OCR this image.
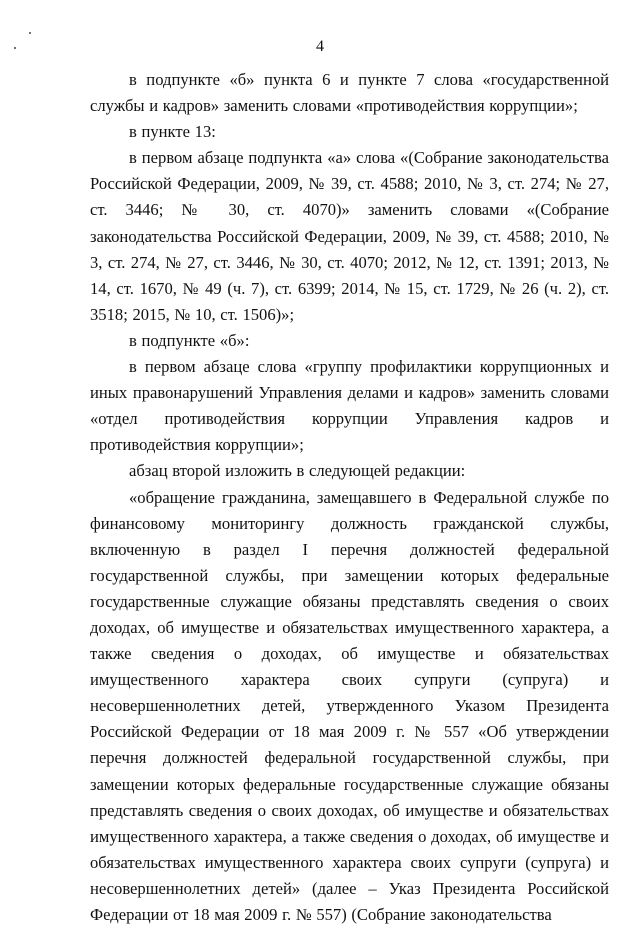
4

в подпункте «б» пункта 6 и пункте 7 слова «государственной службы и кадров» заменить словами «противодействия коррупции»;

в пункте 13:

в первом абзаце подпункта «а» слова «(Собрание законодательства Российской Федерации, 2009, № 39, ст. 4588; 2010, № 3, ст. 274; № 27, ст. 3446; № 30, ст. 4070)» заменить словами «(Собрание законодательства Российской Федерации, 2009, № 39, ст. 4588; 2010, № 3, ст. 274, № 27, ст. 3446, № 30, ст. 4070; 2012, № 12, ст. 1391; 2013, № 14, ст. 1670, № 49 (ч. 7), ст. 6399; 2014, № 15, ст. 1729, № 26 (ч. 2), ст. 3518; 2015, № 10, ст. 1506)»;

в подпункте «б»:

в первом абзаце слова «группу профилактики коррупционных и иных правонарушений Управления делами и кадров» заменить словами «отдел противодействия коррупции Управления кадров и противодействия коррупции»;

абзац второй изложить в следующей редакции:

«обращение гражданина, замещавшего в Федеральной службе по финансовому мониторингу должность гражданской службы, включенную в раздел I перечня должностей федеральной государственной службы, при замещении которых федеральные государственные служащие обязаны представлять сведения о своих доходах, об имуществе и обязательствах имущественного характера, а также сведения о доходах, об имуществе и обязательствах имущественного характера своих супруги (супруга) и несовершеннолетних детей, утвержденного Указом Президента Российской Федерации от 18 мая 2009 г. № 557 «Об утверждении перечня должностей федеральной государственной службы, при замещении которых федеральные государственные служащие обязаны представлять сведения о своих доходах, об имуществе и обязательствах имущественного характера, а также сведения о доходах, об имуществе и обязательствах имущественного характера своих супруги (супруга) и несовершеннолетних детей» (далее – Указ Президента Российской Федерации от 18 мая 2009 г. № 557) (Собрание законодательства
